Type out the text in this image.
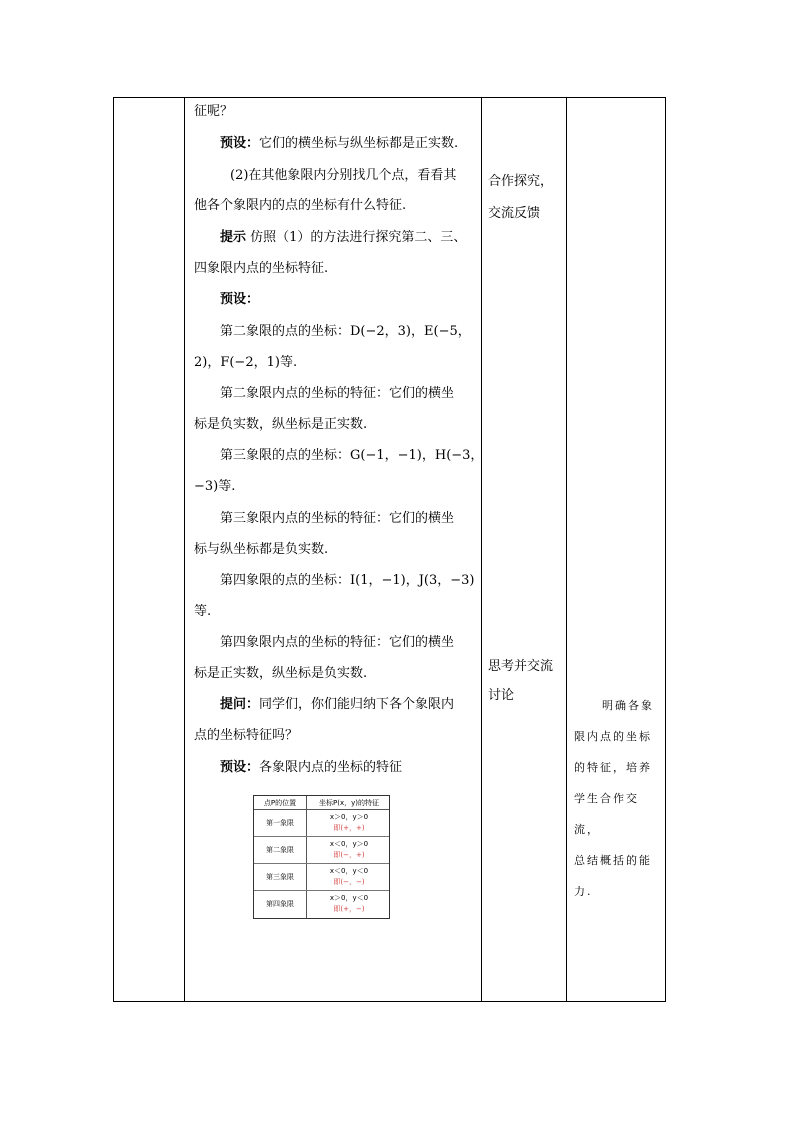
征呢？
预设：它们的横坐标与纵坐标都是正实数.
(2)在其他象限内分别找几个点，看看其
他各个象限内的点的坐标有什么特征.
提示 仿照（1）的方法进行探究第二、三、
四象限内点的坐标特征.
预设：
第二象限的点的坐标：D(−2，3)，E(−5，
2)，F(−2，1)等.
第二象限内点的坐标的特征：它们的横坐
标是负实数，纵坐标是正实数.
第三象限的点的坐标：G(−1，−1)，H(−3，
−3)等.
第三象限内点的坐标的特征：它们的横坐
标与纵坐标都是负实数.
第四象限的点的坐标：I(1，−1)，J(3，−3)
等.
第四象限内点的坐标的特征：它们的横坐
标是正实数，纵坐标是负实数.
提问：同学们，你们能归纳下各个象限内
点的坐标特征吗？
预设：各象限内点的坐标的特征
合作探究，
交流反馈
思考并交流
讨论
明确各象
限内点的坐标
的特征，培养
学生合作交流，
总结概括的能
力.
点P的位置	坐标P(x，y)的特征
第一象限
x＞0，y＞0
即(+，+)
第二象限
x＜0，y＞0
即(−，+)
第三象限
x＜0，y＜0
即(−，−)
第四象限
x＞0，y＜0
即(+，−)
